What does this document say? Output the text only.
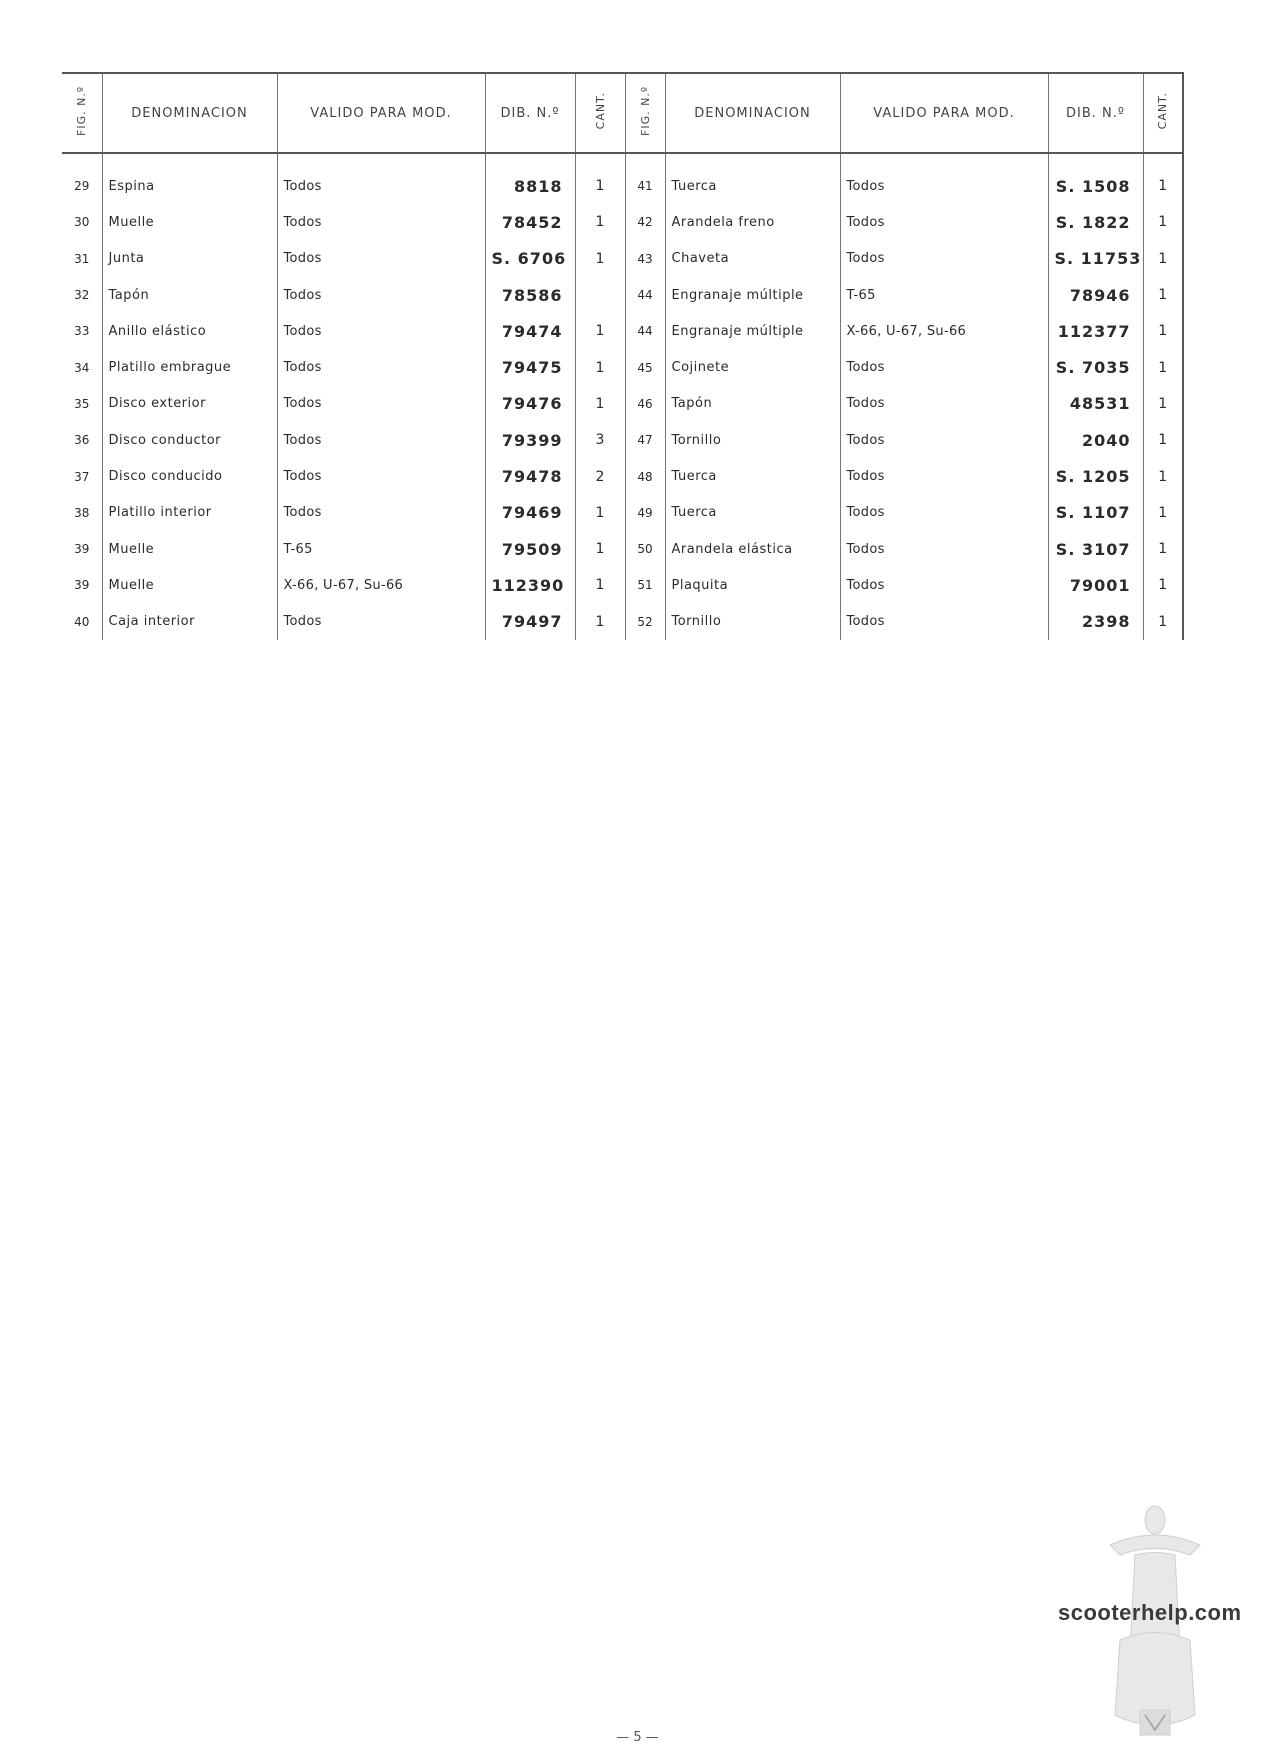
FIG. N.º	DENOMINACION	VALIDO PARA MOD.	DIB. N.º	CANT.	FIG. N.º	DENOMINACION	VALIDO PARA MOD.	DIB. N.º	CANT.

29	Espina	Todos	8818	1	41	Tuerca	Todos	S. 1508	1
30	Muelle	Todos	78452	1	42	Arandela freno	Todos	S. 1822	1
31	Junta	Todos	S. 6706	1	43	Chaveta	Todos	S. 11753	1
32	Tapón	Todos	78586		44	Engranaje múltiple	T-65	78946	1
33	Anillo elástico	Todos	79474	1	44	Engranaje múltiple	X-66, U-67, Su-66	112377	1
34	Platillo embrague	Todos	79475	1	45	Cojinete	Todos	S. 7035	1
35	Disco exterior	Todos	79476	1	46	Tapón	Todos	48531	1
36	Disco conductor	Todos	79399	3	47	Tornillo	Todos	2040	1
37	Disco conducido	Todos	79478	2	48	Tuerca	Todos	S. 1205	1
38	Platillo interior	Todos	79469	1	49	Tuerca	Todos	S. 1107	1
39	Muelle	T-65	79509	1	50	Arandela elástica	Todos	S. 3107	1
39	Muelle	X-66, U-67, Su-66	112390	1	51	Plaquita	Todos	79001	1
40	Caja interior	Todos	79497	1	52	Tornillo	Todos	2398	1
scooterhelp.com
— 5 —
